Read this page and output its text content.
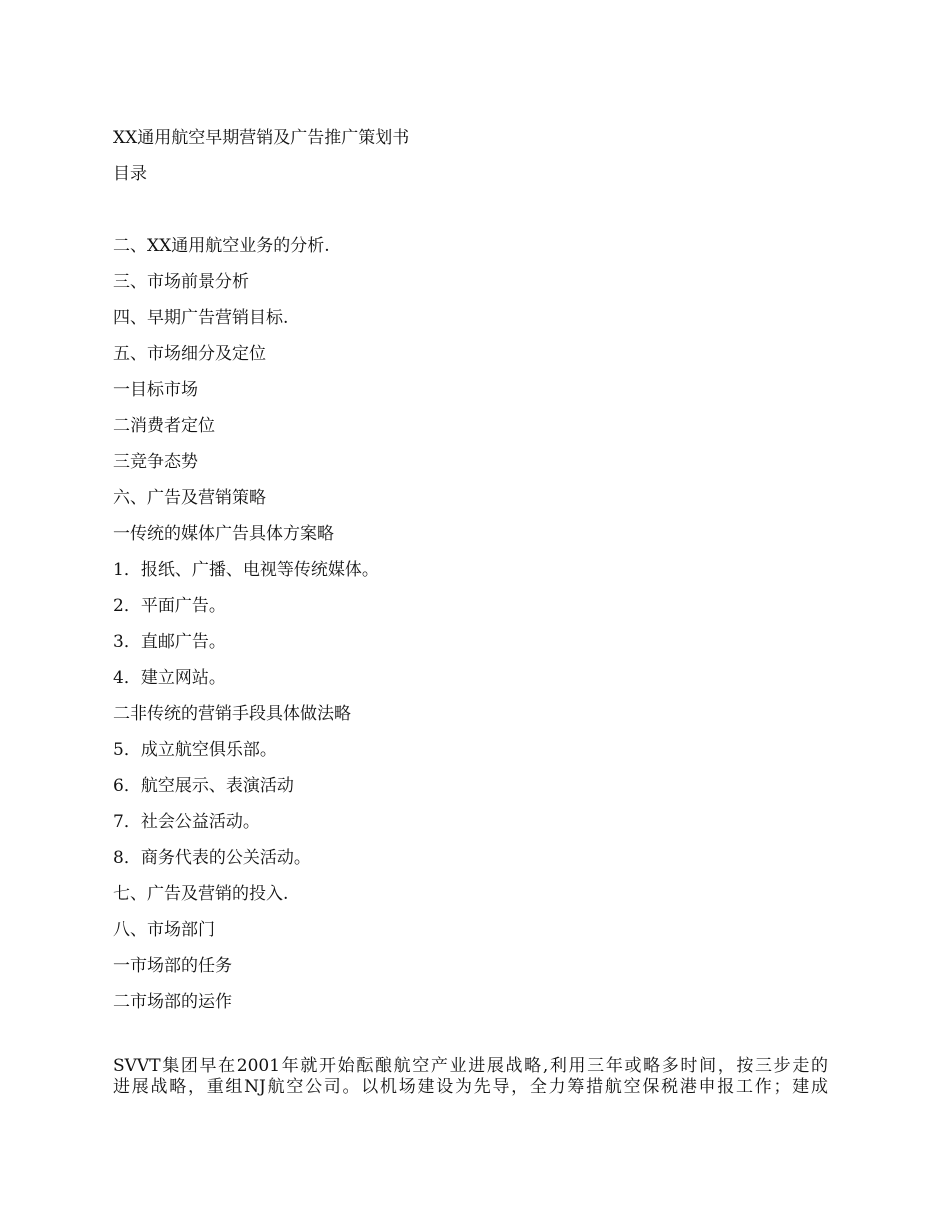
XX通用航空早期营销及广告推广策划书
目录
二、XX通用航空业务的分析.
三、市场前景分析
四、早期广告营销目标.
五、市场细分及定位
一目标市场
二消费者定位
三竞争态势
六、广告及营销策略
一传统的媒体广告具体方案略
1．报纸、广播、电视等传统媒体。
2．平面广告。
3．直邮广告。
4．建立网站。
二非传统的营销手段具体做法略
5．成立航空俱乐部。
6．航空展示、表演活动
7．社会公益活动。
8．商务代表的公关活动。
七、广告及营销的投入.
八、市场部门
一市场部的任务
二市场部的运作
SVVT集团早在2001年就开始酝酿航空产业进展战略,利用三年或略多时间，按三步走的
进展战略，重组NJ航空公司。以机场建设为先导，全力筹措航空保税港申报工作；建成
